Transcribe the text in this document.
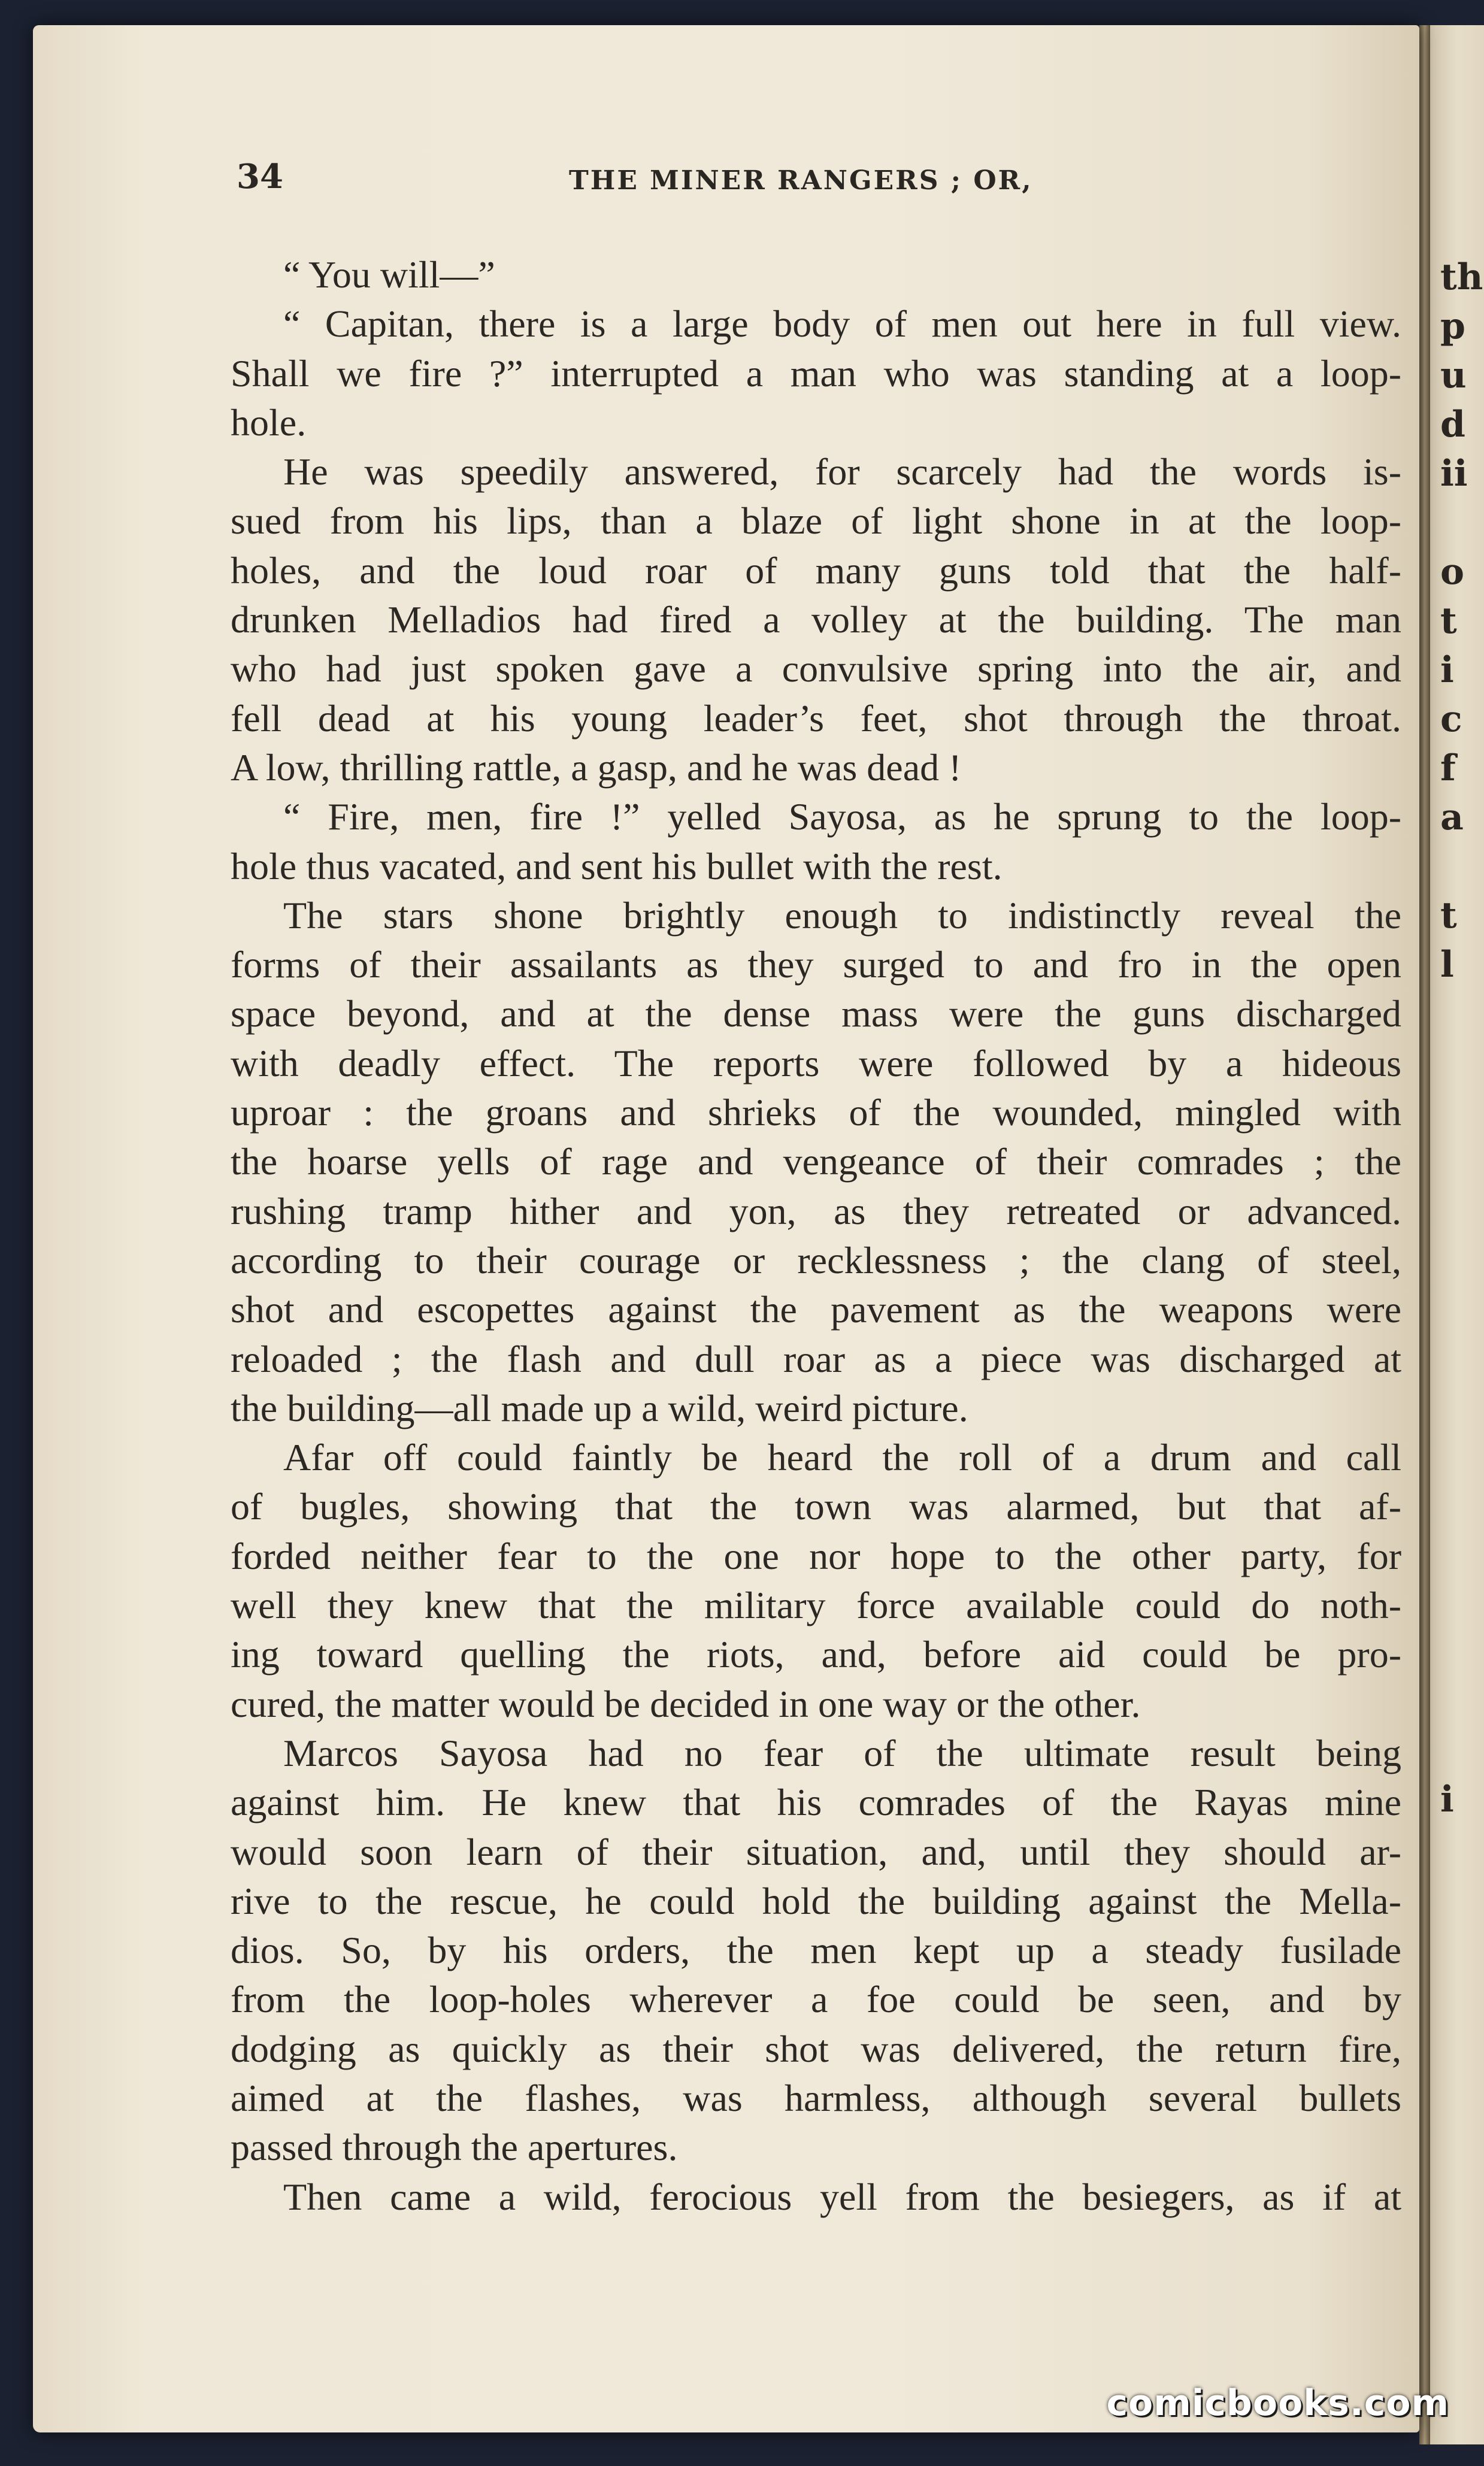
th
p
u
d
ii
o
t
i
c
f
a
t
l
i
34	THE MINER RANGERS ; OR,
“ You will—”
“ Capitan, there is a large body of men out here in full view.
Shall we fire ?” interrupted a man who was standing at a loop-
hole.
He was speedily answered, for scarcely had the words is-
sued from his lips, than a blaze of light shone in at the loop-
holes, and the loud roar of many guns told that the half-
drunken Melladios had fired a volley at the building. The man
who had just spoken gave a convulsive spring into the air, and
fell dead at his young leader’s feet, shot through the throat.
A low, thrilling rattle, a gasp, and he was dead !
“ Fire, men, fire !” yelled Sayosa, as he sprung to the loop-
hole thus vacated, and sent his bullet with the rest.
The stars shone brightly enough to indistinctly reveal the
forms of their assailants as they surged to and fro in the open
space beyond, and at the dense mass were the guns discharged
with deadly effect. The reports were followed by a hideous
uproar : the groans and shrieks of the wounded, mingled with
the hoarse yells of rage and vengeance of their comrades ; the
rushing tramp hither and yon, as they retreated or advanced.
according to their courage or recklessness ; the clang of steel,
shot and escopettes against the pavement as the weapons were
reloaded ; the flash and dull roar as a piece was discharged at
the building—all made up a wild, weird picture.
Afar off could faintly be heard the roll of a drum and call
of bugles, showing that the town was alarmed, but that af-
forded neither fear to the one nor hope to the other party, for
well they knew that the military force available could do noth-
ing toward quelling the riots, and, before aid could be pro-
cured, the matter would be decided in one way or the other.
Marcos Sayosa had no fear of the ultimate result being
against him. He knew that his comrades of the Rayas mine
would soon learn of their situation, and, until they should ar-
rive to the rescue, he could hold the building against the Mella-
dios. So, by his orders, the men kept up a steady fusilade
from the loop-holes wherever a foe could be seen, and by
dodging as quickly as their shot was delivered, the return fire,
aimed at the flashes, was harmless, although several bullets
passed through the apertures.
Then came a wild, ferocious yell from the besiegers, as if at
comicbooks.com
